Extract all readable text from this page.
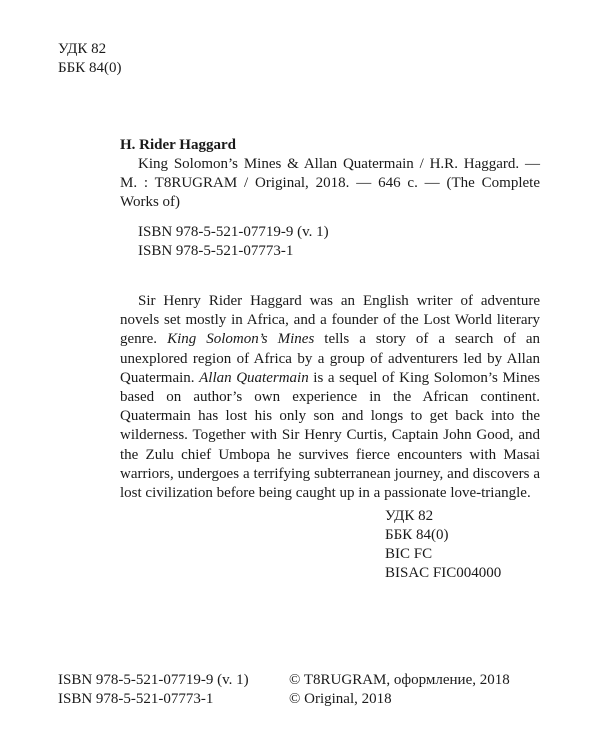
УДК 82
ББК 84(0)
H. Rider Haggard

King Solomon’s Mines & Allan Quatermain / H.R. Haggard. — M. : T8RUGRAM / Original, 2018. — 646 c. — (The Complete Works of)

ISBN 978-5-521-07719-9 (v. 1)
ISBN 978-5-521-07773-1

Sir Henry Rider Haggard was an English writer of adventure novels set mostly in Africa, and a founder of the Lost World literary genre. King Solomon’s Mines tells a story of a search of an unexplored region of Africa by a group of adventurers led by Allan Quatermain. Allan Quatermain is a sequel of King Solomon’s Mines based on author’s own experience in the African continent. Quatermain has lost his only son and longs to get back into the wilderness. Together with Sir Henry Curtis, Captain John Good, and the Zulu chief Umbopa he survives fierce encounters with Masai warriors, undergoes a terrifying subterranean journey, and discovers a lost civilization before being caught up in a passionate love-triangle.

УДК 82
ББК 84(0)
BIC FC
BISAC FIC004000
ISBN 978-5-521-07719-9 (v. 1)
ISBN 978-5-521-07773-1
© T8RUGRAM, оформление, 2018
© Original, 2018
